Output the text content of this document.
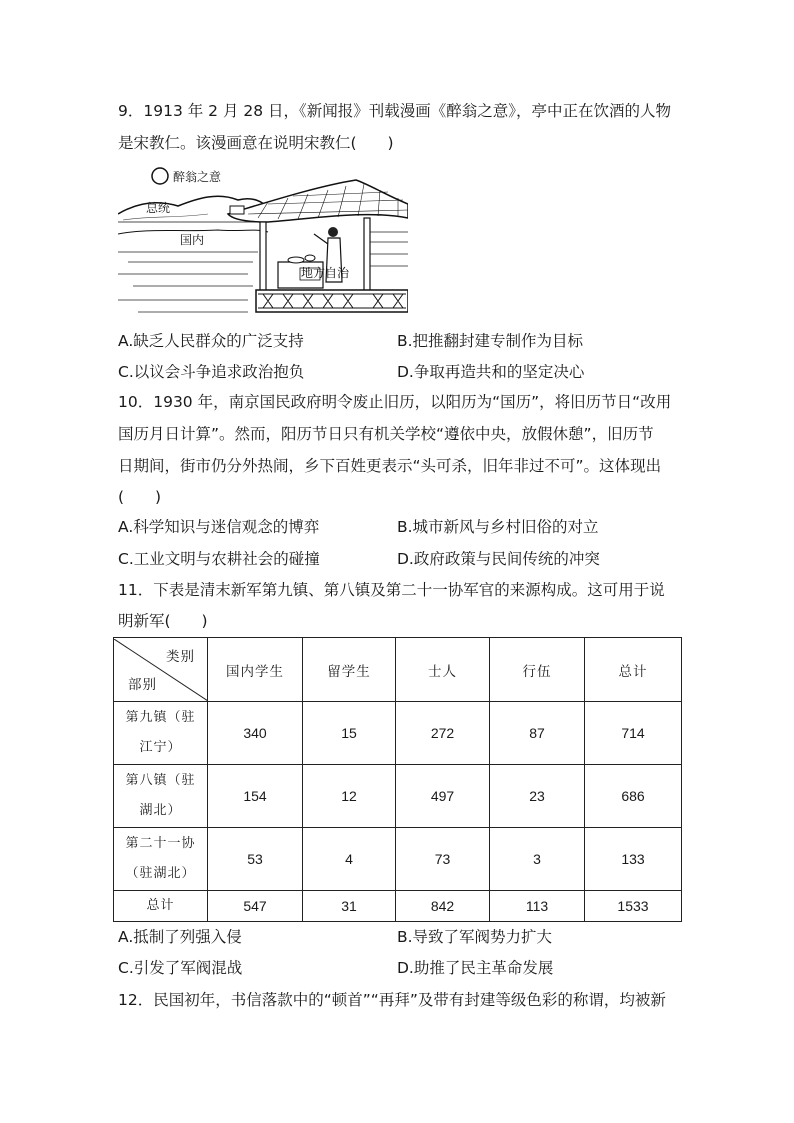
9．1913 年 2 月 28 日，《新闻报》刊载漫画《醉翁之意》，亭中正在饮酒的人物
是宋教仁。该漫画意在说明宋教仁(　　)
醉翁之意
总统
国内
地方自治
A.缺乏人民群众的广泛支持	B.把推翻封建专制作为目标
C.以议会斗争追求政治抱负	D.争取再造共和的坚定决心
10．1930 年，南京国民政府明令废止旧历，以阳历为“国历”，将旧历节日“改用
国历月日计算”。然而，阳历节日只有机关学校“遵依中央，放假休憩”，旧历节
日期间，街市仍分外热闹，乡下百姓更表示“头可杀，旧年非过不可”。这体现出
(　　)
A.科学知识与迷信观念的博弈	B.城市新风与乡村旧俗的对立
C.工业文明与农耕社会的碰撞	D.政府政策与民间传统的冲突
11．下表是清末新军第九镇、第八镇及第二十一协军官的来源构成。这可用于说
明新军(　　)
类别
部别	国内学生	留学生	士人	行伍	总计

第九镇（驻
江宁）	340	15	272	87	714

第八镇（驻
湖北）	154	12	497	23	686

第二十一协
（驻湖北）	53	4	73	3	133
总计	547	31	842	113	1533
A.抵制了列强入侵	B.导致了军阀势力扩大
C.引发了军阀混战	D.助推了民主革命发展
12．民国初年，书信落款中的“顿首”“再拜”及带有封建等级色彩的称谓，均被新
